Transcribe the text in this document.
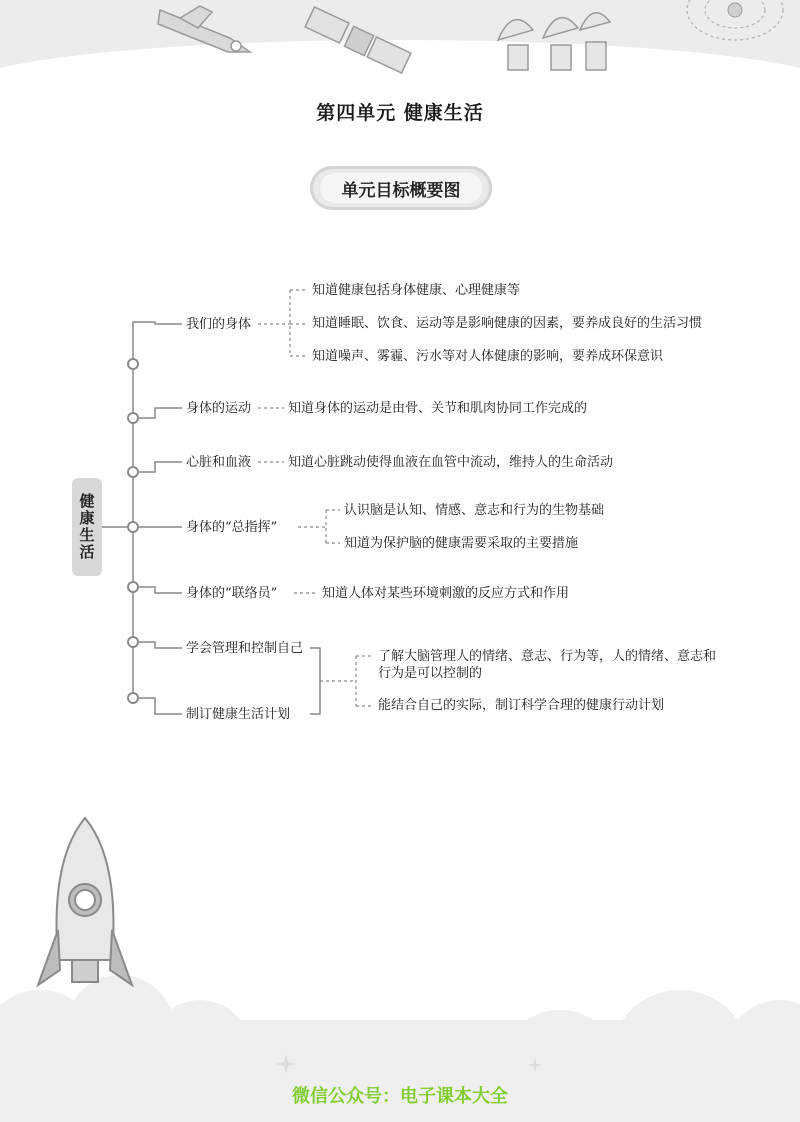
第四单元 健康生活
单元目标概要图
健康生活
我们的身体
知道健康包括身体健康、心理健康等
知道睡眠、饮食、运动等是影响健康的因素，要养成良好的生活习惯
知道噪声、雾霾、污水等对人体健康的影响，要养成环保意识
身体的运动	知道身体的运动是由骨、关节和肌肉协同工作完成的
心脏和血液	知道心脏跳动使得血液在血管中流动，维持人的生命活动
身体的“总指挥”
认识脑是认知、情感、意志和行为的生物基础
知道为保护脑的健康需要采取的主要措施
身体的“联络员”	知道人体对某些环境刺激的反应方式和作用
学会管理和控制自己
制订健康生活计划
了解大脑管理人的情绪、意志、行为等，人的情绪、意志和行为是可以控制的
能结合自己的实际，制订科学合理的健康行动计划
微信公众号：电子课本大全
